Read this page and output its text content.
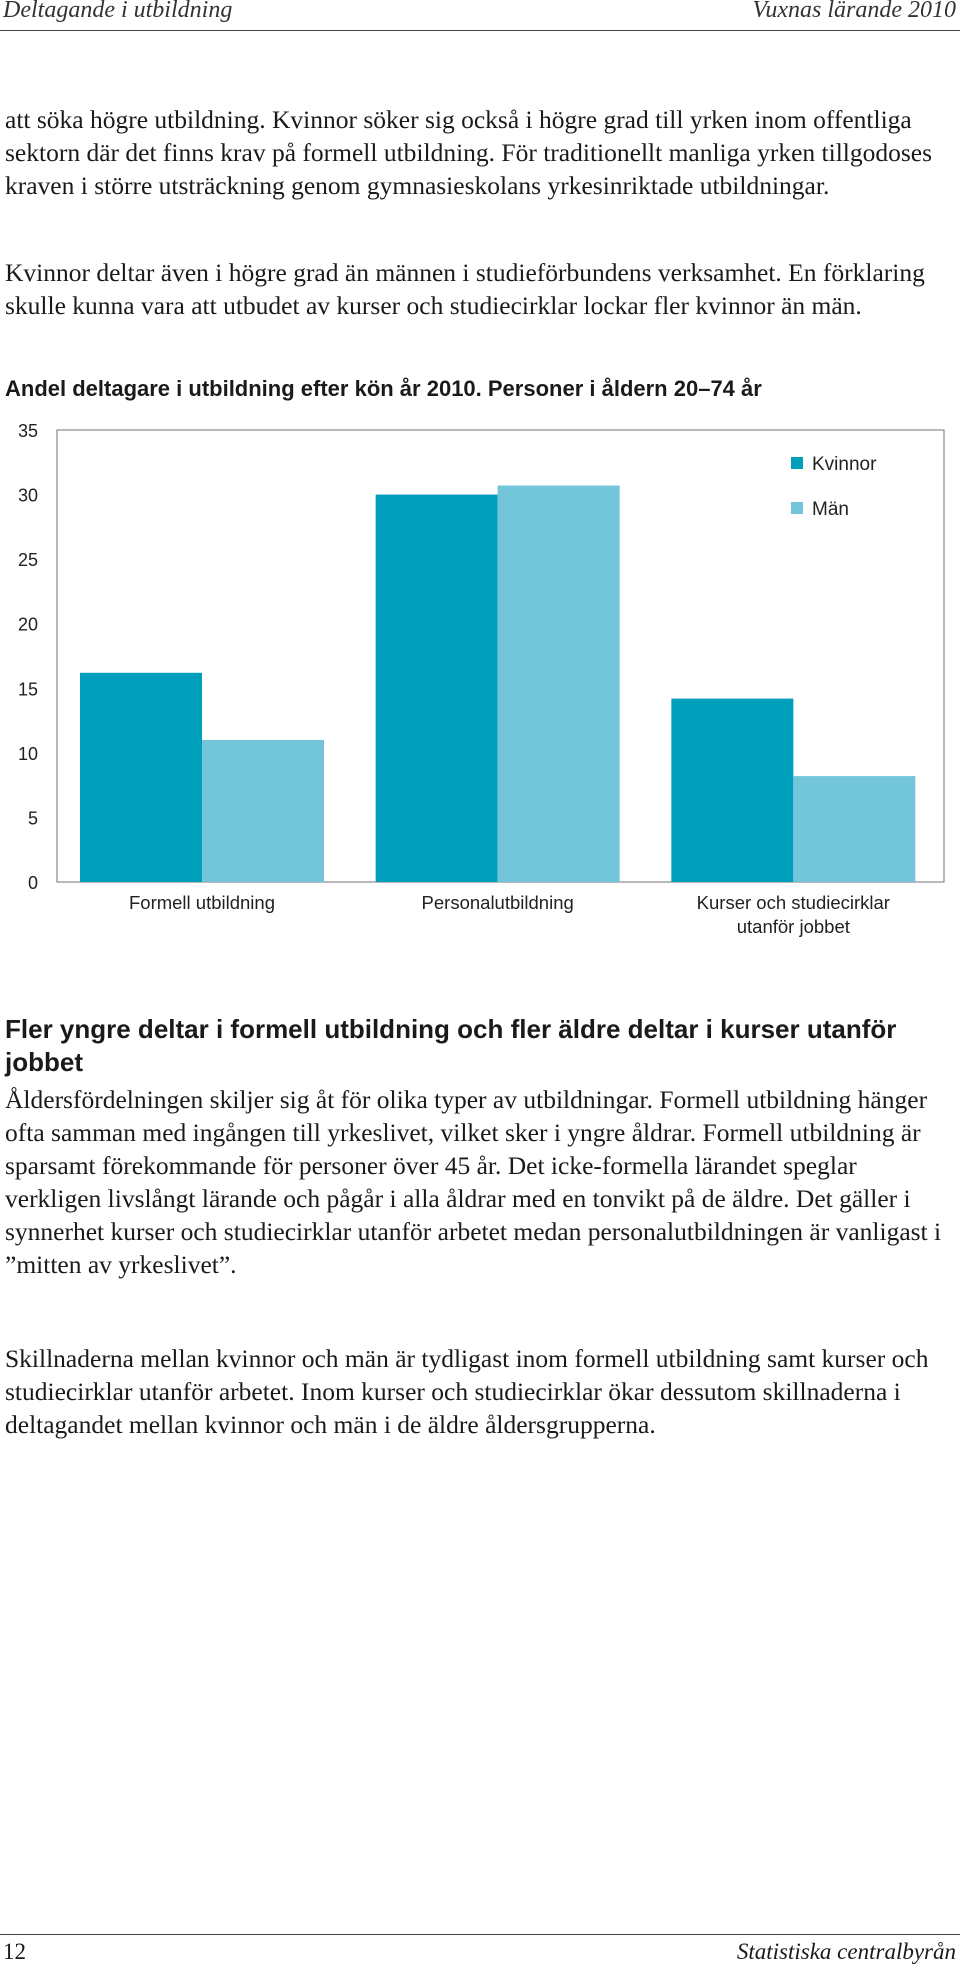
Deltagande i utbildning	Vuxnas lärande 2010

att söka högre utbildning. Kvinnor söker sig också i högre grad till yrken inom offentliga sektorn där det finns krav på formell utbildning. För traditionellt manliga yrken tillgodoses kraven i större utsträckning genom gymnasieskolans yrkesinriktade utbildningar.

Kvinnor deltar även i högre grad än männen i studieförbundens verksamhet. En förklaring skulle kunna vara att utbudet av kurser och studiecirklar lockar fler kvinnor än män.

Andel deltagare i utbildning efter kön år 2010. Personer i åldern 20–74 år

0
5
10
15
20
25
30
35
Formell utbildning	Personalutbildning	Kurser och studiecirklar
utanför jobbet
Kvinnor
Män
Fler yngre deltar i formell utbildning och fler äldre deltar i kurser utanför jobbet

Åldersfördelningen skiljer sig åt för olika typer av utbildningar. Formell utbildning hänger ofta samman med ingången till yrkeslivet, vilket sker i yngre åldrar. Formell utbildning är sparsamt förekommande för personer över 45 år. Det icke-formella lärandet speglar verkligen livslångt lärande och pågår i alla åldrar med en tonvikt på de äldre. Det gäller i synnerhet kurser och studiecirklar utanför arbetet medan personalutbildningen är vanligast i ”mitten av yrkeslivet”.

Skillnaderna mellan kvinnor och män är tydligast inom formell utbildning samt kurser och studiecirklar utanför arbetet. Inom kurser och studiecirklar ökar dessutom skillnaderna i deltagandet mellan kvinnor och män i de äldre åldersgrupperna.

12	Statistiska centralbyrån
